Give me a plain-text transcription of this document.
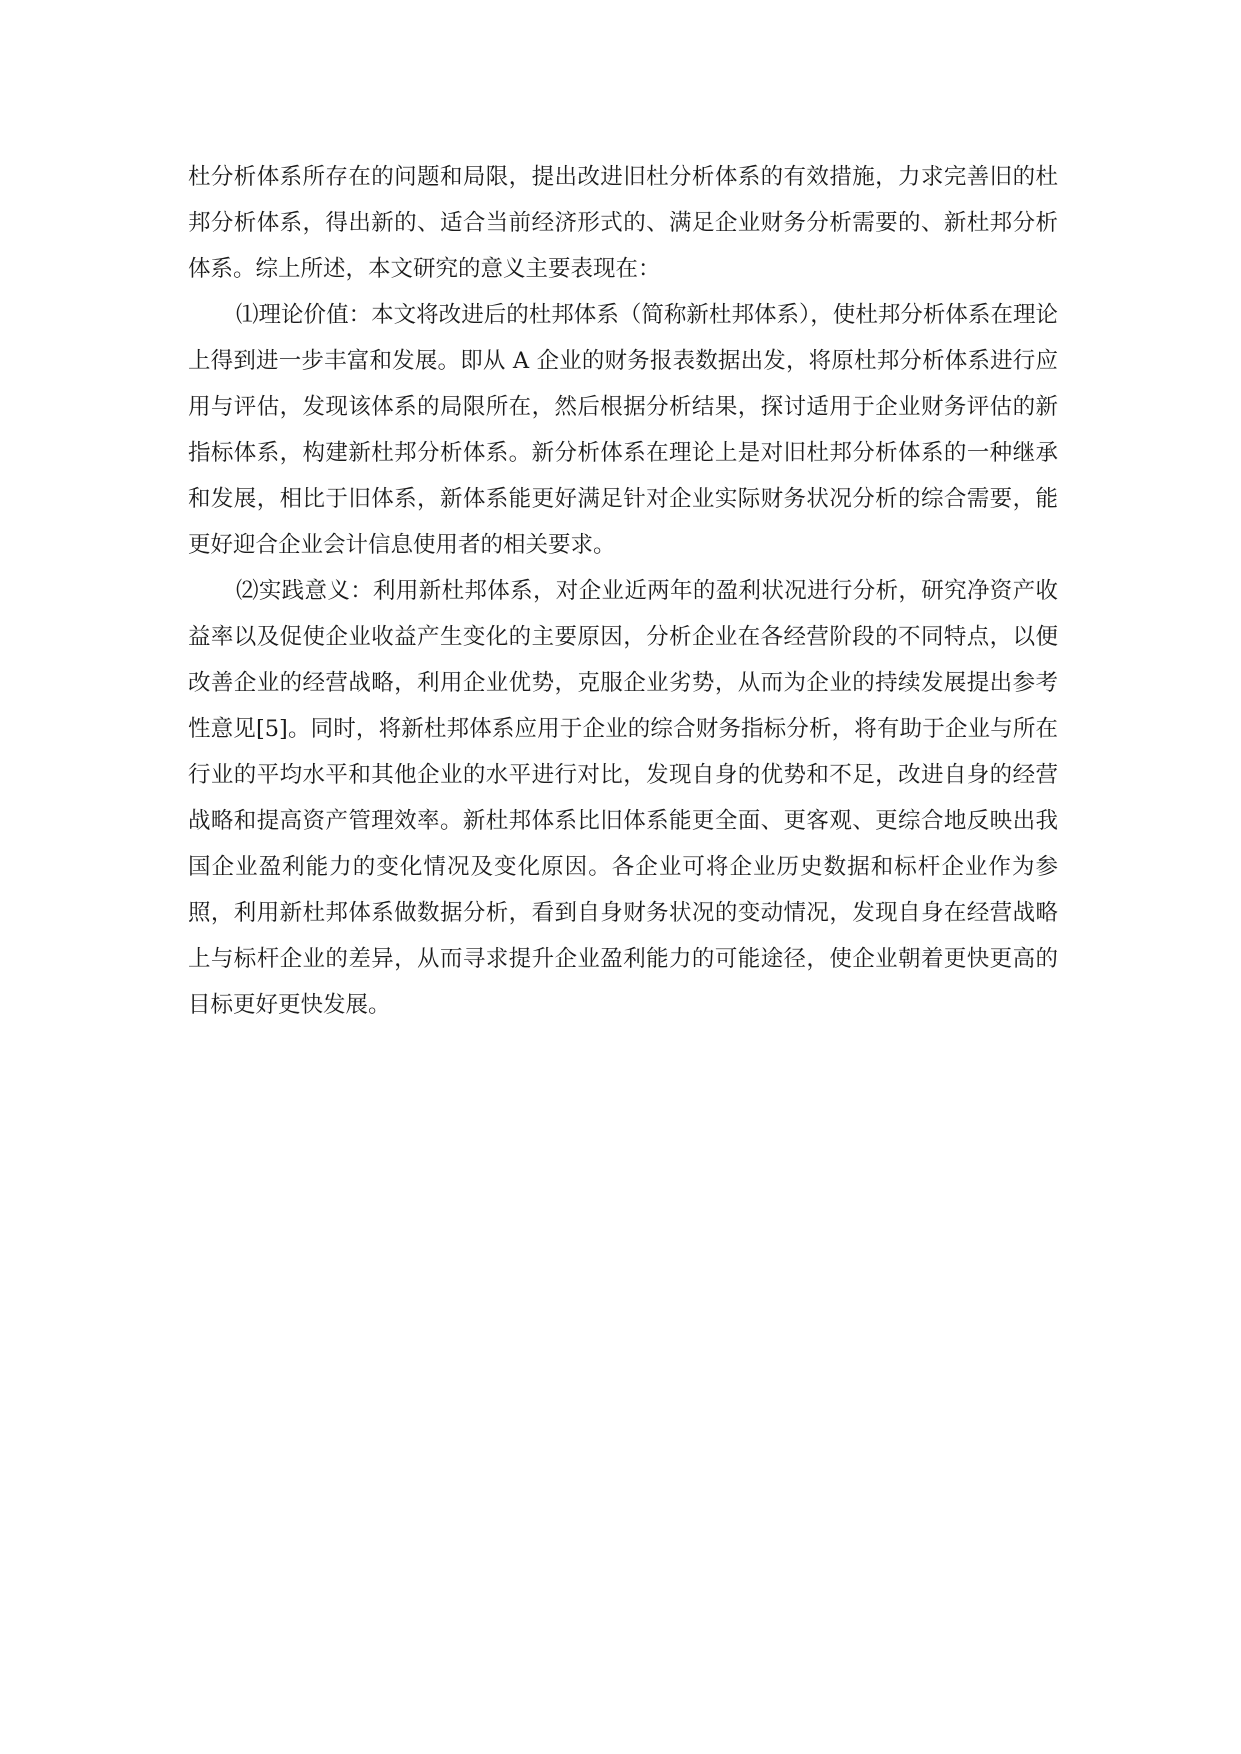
杜分析体系所存在的问题和局限，提出改进旧杜分析体系的有效措施，力求完善旧的杜邦分析体系，得出新的、适合当前经济形式的、满足企业财务分析需要的、新杜邦分析体系。综上所述，本文研究的意义主要表现在：

⑴理论价值：本文将改进后的杜邦体系（简称新杜邦体系），使杜邦分析体系在理论上得到进一步丰富和发展。即从 A 企业的财务报表数据出发，将原杜邦分析体系进行应用与评估，发现该体系的局限所在，然后根据分析结果，探讨适用于企业财务评估的新指标体系，构建新杜邦分析体系。新分析体系在理论上是对旧杜邦分析体系的一种继承和发展，相比于旧体系，新体系能更好满足针对企业实际财务状况分析的综合需要，能更好迎合企业会计信息使用者的相关要求。

⑵实践意义：利用新杜邦体系，对企业近两年的盈利状况进行分析，研究净资产收益率以及促使企业收益产生变化的主要原因，分析企业在各经营阶段的不同特点，以便改善企业的经营战略，利用企业优势，克服企业劣势，从而为企业的持续发展提出参考性意见[5]。同时，将新杜邦体系应用于企业的综合财务指标分析，将有助于企业与所在行业的平均水平和其他企业的水平进行对比，发现自身的优势和不足，改进自身的经营战略和提高资产管理效率。新杜邦体系比旧体系能更全面、更客观、更综合地反映出我国企业盈利能力的变化情况及变化原因。各企业可将企业历史数据和标杆企业作为参照，利用新杜邦体系做数据分析，看到自身财务状况的变动情况，发现自身在经营战略上与标杆企业的差异，从而寻求提升企业盈利能力的可能途径，使企业朝着更快更高的目标更好更快发展。
